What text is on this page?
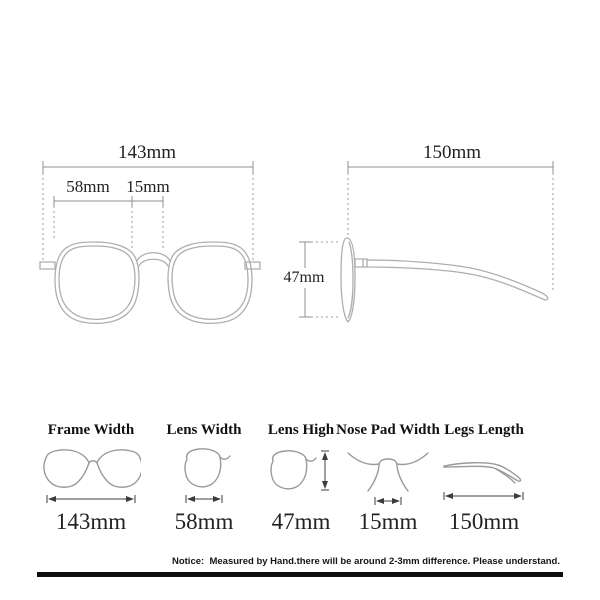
143mm
58mm 15mm
150mm
47mm
Frame Width
143mm
Lens Width
58mm
Lens High
47mm
Nose Pad Width
15mm
Legs Length
150mm
Notice:  Measured by Hand.there will be around 2-3mm difference. Please understand.
